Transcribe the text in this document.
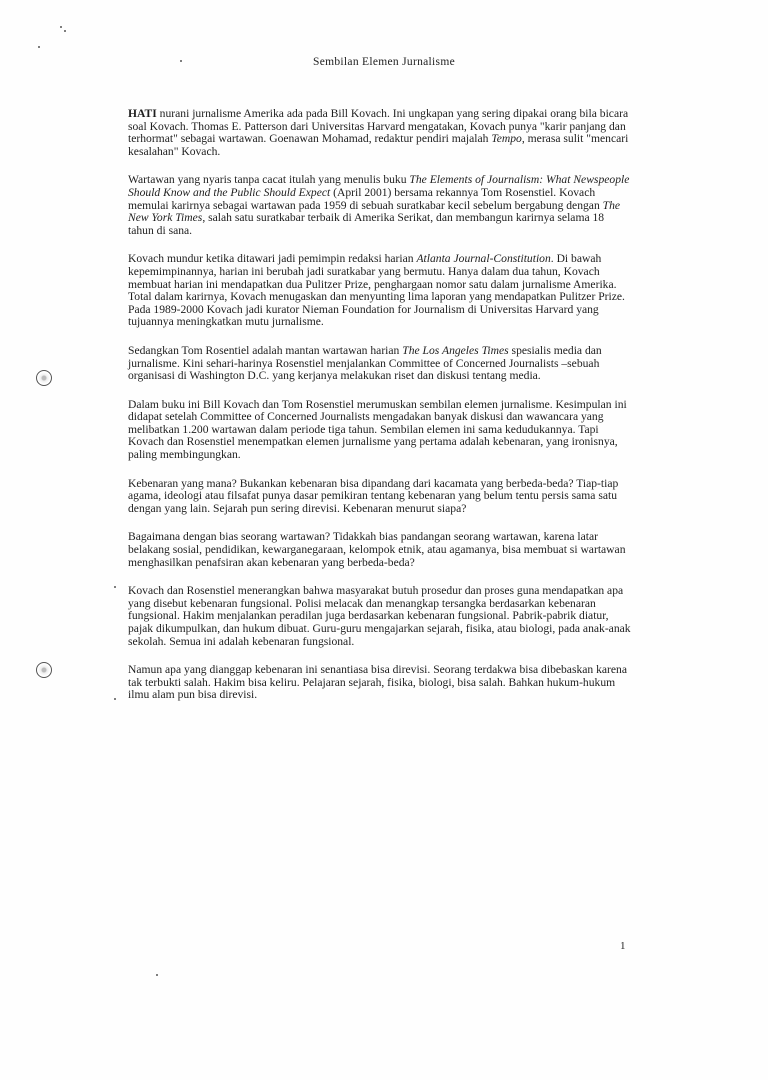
Sembilan Elemen Jurnalisme

HATI nurani jurnalisme Amerika ada pada Bill Kovach. Ini ungkapan yang sering dipakai orang bila bicara soal Kovach. Thomas E. Patterson dari Universitas Harvard mengatakan, Kovach punya "karir panjang dan terhormat" sebagai wartawan. Goenawan Mohamad, redaktur pendiri majalah Tempo, merasa sulit "mencari kesalahan" Kovach.

Wartawan yang nyaris tanpa cacat itulah yang menulis buku The Elements of Journalism: What Newspeople Should Know and the Public Should Expect (April 2001) bersama rekannya Tom Rosenstiel. Kovach memulai karirnya sebagai wartawan pada 1959 di sebuah suratkabar kecil sebelum bergabung dengan The New York Times, salah satu suratkabar terbaik di Amerika Serikat, dan membangun karirnya selama 18 tahun di sana.

Kovach mundur ketika ditawari jadi pemimpin redaksi harian Atlanta Journal-Constitution. Di bawah kepemimpinannya, harian ini berubah jadi suratkabar yang bermutu. Hanya dalam dua tahun, Kovach membuat harian ini mendapatkan dua Pulitzer Prize, penghargaan nomor satu dalam jurnalisme Amerika. Total dalam karirnya, Kovach menugaskan dan menyunting lima laporan yang mendapatkan Pulitzer Prize. Pada 1989-2000 Kovach jadi kurator Nieman Foundation for Journalism di Universitas Harvard yang tujuannya meningkatkan mutu jurnalisme.

Sedangkan Tom Rosentiel adalah mantan wartawan harian The Los Angeles Times spesialis media dan jurnalisme. Kini sehari-harinya Rosenstiel menjalankan Committee of Concerned Journalists –sebuah organisasi di Washington D.C. yang kerjanya melakukan riset dan diskusi tentang media.

Dalam buku ini Bill Kovach dan Tom Rosenstiel merumuskan sembilan elemen jurnalisme. Kesimpulan ini didapat setelah Committee of Concerned Journalists mengadakan banyak diskusi dan wawancara yang melibatkan 1.200 wartawan dalam periode tiga tahun. Sembilan elemen ini sama kedudukannya. Tapi Kovach dan Rosenstiel menempatkan elemen jurnalisme yang pertama adalah kebenaran, yang ironisnya, paling membingungkan.

Kebenaran yang mana? Bukankan kebenaran bisa dipandang dari kacamata yang berbeda-beda? Tiap-tiap agama, ideologi atau filsafat punya dasar pemikiran tentang kebenaran yang belum tentu persis sama satu dengan yang lain. Sejarah pun sering direvisi. Kebenaran menurut siapa?

Bagaimana dengan bias seorang wartawan? Tidakkah bias pandangan seorang wartawan, karena latar belakang sosial, pendidikan, kewarganegaraan, kelompok etnik, atau agamanya, bisa membuat si wartawan menghasilkan penafsiran akan kebenaran yang berbeda-beda?

Kovach dan Rosenstiel menerangkan bahwa masyarakat butuh prosedur dan proses guna mendapatkan apa yang disebut kebenaran fungsional. Polisi melacak dan menangkap tersangka berdasarkan kebenaran fungsional. Hakim menjalankan peradilan juga berdasarkan kebenaran fungsional. Pabrik-pabrik diatur, pajak dikumpulkan, dan hukum dibuat. Guru-guru mengajarkan sejarah, fisika, atau biologi, pada anak-anak sekolah. Semua ini adalah kebenaran fungsional.

Namun apa yang dianggap kebenaran ini senantiasa bisa direvisi. Seorang terdakwa bisa dibebaskan karena tak terbukti salah. Hakim bisa keliru. Pelajaran sejarah, fisika, biologi, bisa salah. Bahkan hukum-hukum ilmu alam pun bisa direvisi.

1
